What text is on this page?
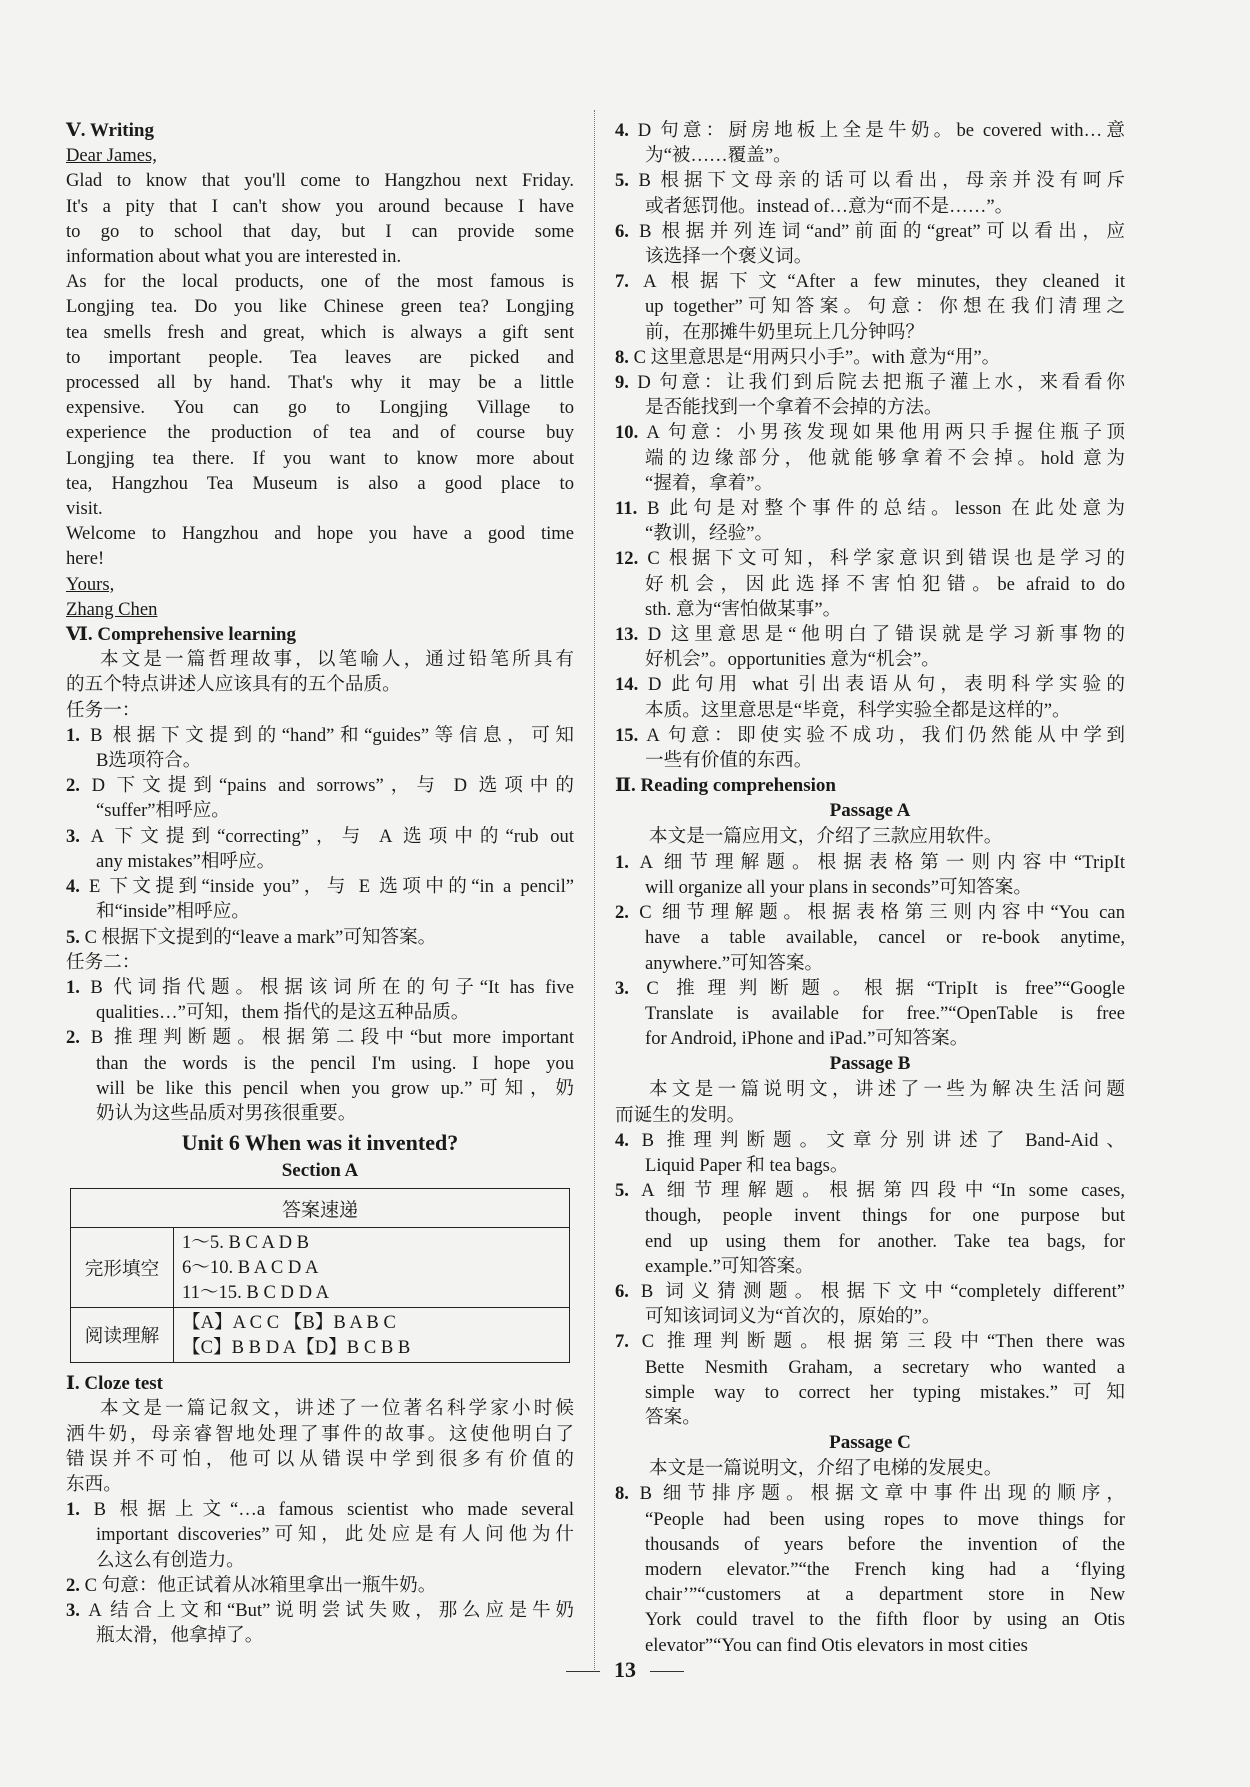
Ⅴ. Writing
Dear James,
Glad to know that you'll come to Hangzhou next Friday.
It's a pity that I can't show you around because I have
to go to school that day, but I can provide some
information about what you are interested in.
As for the local products, one of the most famous is
Longjing tea. Do you like Chinese green tea? Longjing
tea smells fresh and great, which is always a gift sent
to important people. Tea leaves are picked and
processed all by hand. That's why it may be a little
expensive. You can go to Longjing Village to
experience the production of tea and of course buy
Longjing tea there. If you want to know more about
tea, Hangzhou Tea Museum is also a good place to
visit.
Welcome to Hangzhou and hope you have a good time
here!
Yours,
Zhang Chen
Ⅵ. Comprehensive learning
本文是一篇哲理故事，以笔喻人，通过铅笔所具有
的五个特点讲述人应该具有的五个品质。
任务一：
1. B 根据下文提到的“hand”和“guides”等信息，可知
B选项符合。
2. D 下文提到“pains and sorrows”，与 D 选项中的
“suffer”相呼应。
3. A 下文提到“correcting”，与 A 选项中的“rub out
any mistakes”相呼应。
4. E 下文提到“inside you”，与 E 选项中的“in a pencil”
和“inside”相呼应。
5. C 根据下文提到的“leave a mark”可知答案。
任务二：
1. B 代词指代题。根据该词所在的句子“It has five
qualities…”可知，them 指代的是这五种品质。
2. B 推理判断题。根据第二段中“but more important
than the words is the pencil I'm using. I hope you
will be like this pencil when you grow up.”可知，奶
奶认为这些品质对男孩很重要。
Unit 6 When was it invented?
Section A
答案速递	
完形填空	1～5. B C A D B
6～10. B A C D A
11～15. B C D D A

阅读理解	【A】A C C 【B】B A B C
【C】B B D A【D】B C B B
Ⅰ. Cloze test
本文是一篇记叙文，讲述了一位著名科学家小时候
洒牛奶，母亲睿智地处理了事件的故事。这使他明白了
错误并不可怕，他可以从错误中学到很多有价值的
东西。
1. B 根据上文“…a famous scientist who made several
important discoveries”可知，此处应是有人问他为什
么这么有创造力。
2. C 句意：他正试着从冰箱里拿出一瓶牛奶。
3. A 结合上文和“But”说明尝试失败，那么应是牛奶
瓶太滑，他拿掉了。
4. D 句意：厨房地板上全是牛奶。be covered with…意
为“被……覆盖”。
5. B 根据下文母亲的话可以看出，母亲并没有呵斥
或者惩罚他。instead of…意为“而不是……”。
6. B 根据并列连词“and”前面的“great”可以看出，应
该选择一个褒义词。
7. A 根据下文“After a few minutes, they cleaned it
up together”可知答案。句意：你想在我们清理之
前，在那摊牛奶里玩上几分钟吗？
8. C 这里意思是“用两只小手”。with 意为“用”。
9. D 句意：让我们到后院去把瓶子灌上水，来看看你
是否能找到一个拿着不会掉的方法。
10. A 句意：小男孩发现如果他用两只手握住瓶子顶
端的边缘部分，他就能够拿着不会掉。hold 意为
“握着，拿着”。
11. B 此句是对整个事件的总结。lesson 在此处意为
“教训，经验”。
12. C 根据下文可知，科学家意识到错误也是学习的
好机会，因此选择不害怕犯错。be afraid to do
sth. 意为“害怕做某事”。
13. D 这里意思是“他明白了错误就是学习新事物的
好机会”。opportunities 意为“机会”。
14. D 此句用 what 引出表语从句，表明科学实验的
本质。这里意思是“毕竟，科学实验全都是这样的”。
15. A 句意：即使实验不成功，我们仍然能从中学到
一些有价值的东西。
Ⅱ. Reading comprehension
Passage A
本文是一篇应用文，介绍了三款应用软件。
1. A 细节理解题。根据表格第一则内容中“TripIt
will organize all your plans in seconds”可知答案。
2. C 细节理解题。根据表格第三则内容中“You can
have a table available, cancel or re-book anytime,
anywhere.”可知答案。
3. C 推理判断题。根据“TripIt is free”“Google
Translate is available for free.”“OpenTable is free
for Android, iPhone and iPad.”可知答案。
Passage B
本文是一篇说明文，讲述了一些为解决生活问题
而诞生的发明。
4. B 推理判断题。文章分别讲述了 Band-Aid、
Liquid Paper 和 tea bags。
5. A 细节理解题。根据第四段中“In some cases,
though, people invent things for one purpose but
end up using them for another. Take tea bags, for
example.”可知答案。
6. B 词义猜测题。根据下文中“completely different”
可知该词词义为“首次的，原始的”。
7. C 推理判断题。根据第三段中“Then there was
Bette Nesmith Graham, a secretary who wanted a
simple way to correct her typing mistakes.”可知
答案。
Passage C
本文是一篇说明文，介绍了电梯的发展史。
8. B 细节排序题。根据文章中事件出现的顺序，
“People had been using ropes to move things for
thousands of years before the invention of the
modern elevator.”“the French king had a ‘flying
chair’”“customers at a department store in New
York could travel to the fifth floor by using an Otis
elevator”“You can find Otis elevators in most cities
13
